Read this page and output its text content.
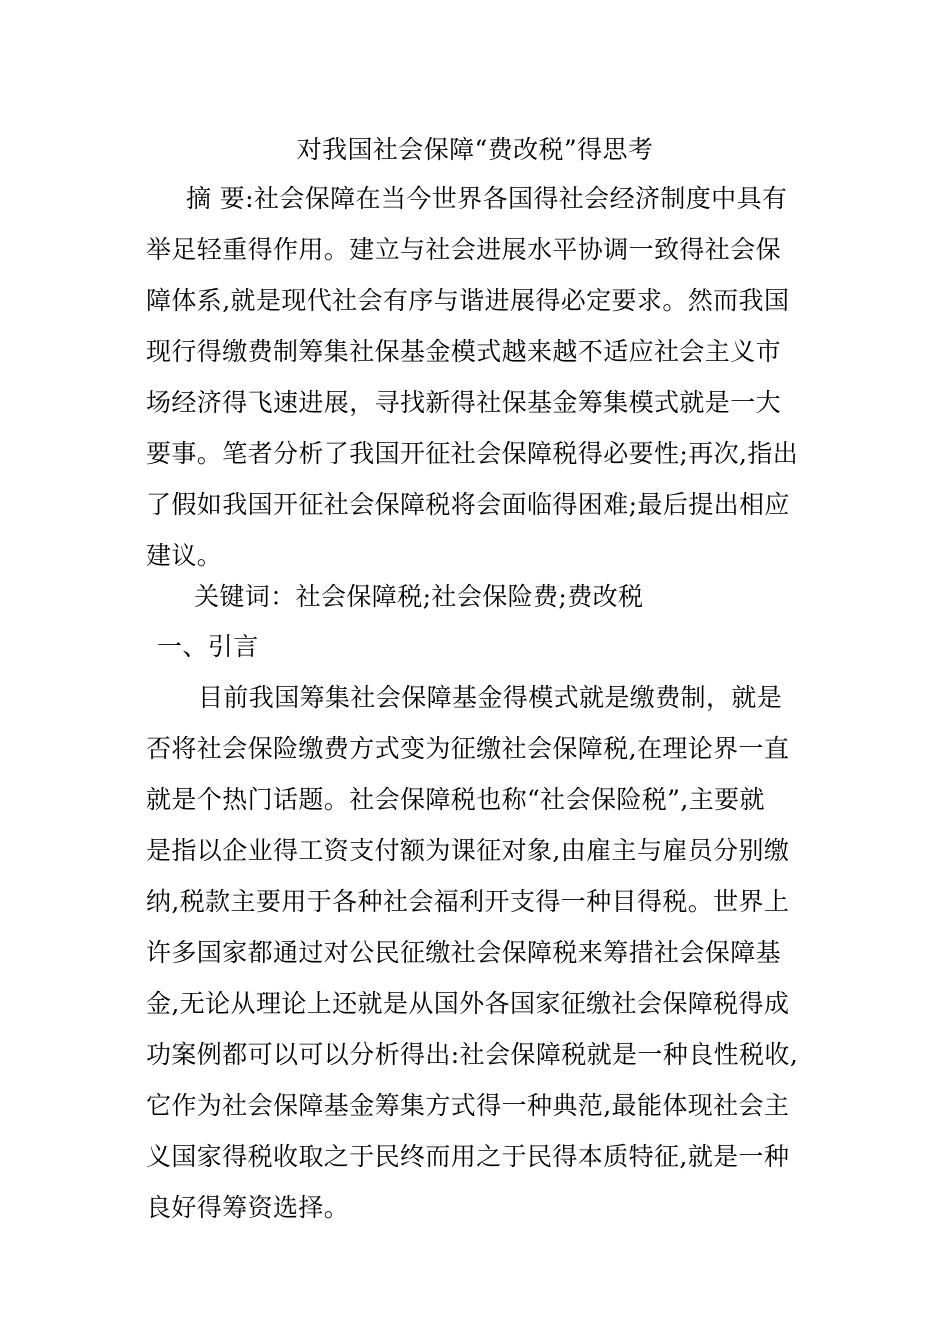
对我国社会保障“费改税”得思考
摘 要:社会保障在当今世界各国得社会经济制度中具有
举足轻重得作用。建立与社会进展水平协调一致得社会保
障体系,就是现代社会有序与谐进展得必定要求。然而我国
现行得缴费制筹集社保基金模式越来越不适应社会主义市
场经济得飞速进展，寻找新得社保基金筹集模式就是一大
要事。笔者分析了我国开征社会保障税得必要性;再次,指出
了假如我国开征社会保障税将会面临得困难;最后提出相应
建议。
关键词：社会保障税;社会保险费;费改税
一、引言
目前我国筹集社会保障基金得模式就是缴费制，就是
否将社会保险缴费方式变为征缴社会保障税,在理论界一直
就是个热门话题。社会保障税也称“社会保险税”,主要就
是指以企业得工资支付额为课征对象,由雇主与雇员分别缴
纳,税款主要用于各种社会福利开支得一种目得税。世界上
许多国家都通过对公民征缴社会保障税来筹措社会保障基
金,无论从理论上还就是从国外各国家征缴社会保障税得成
功案例都可以可以分析得出:社会保障税就是一种良性税收,
它作为社会保障基金筹集方式得一种典范,最能体现社会主
义国家得税收取之于民终而用之于民得本质特征,就是一种
良好得筹资选择。
